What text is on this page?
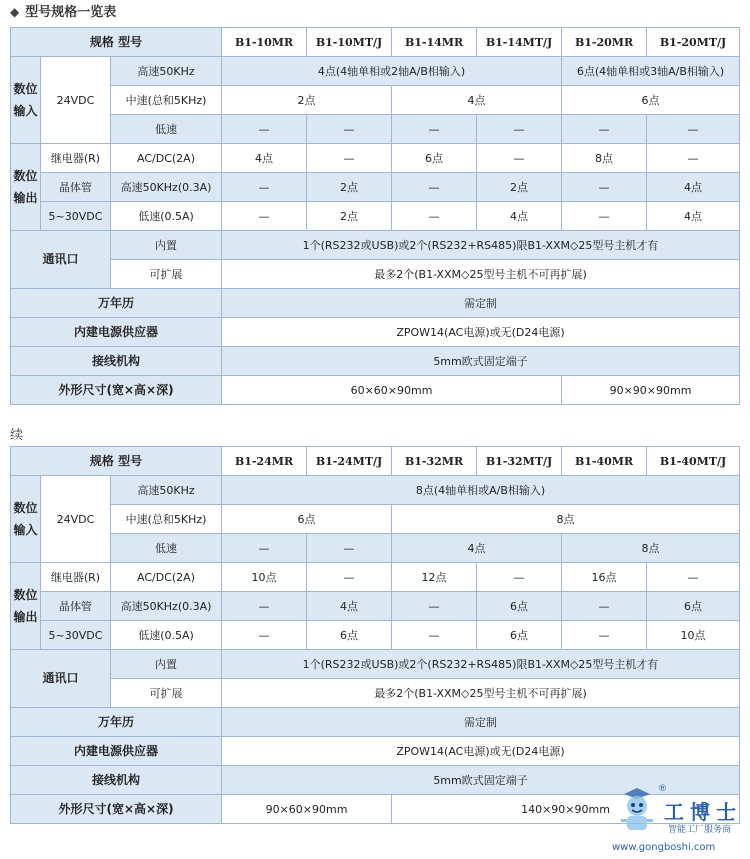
◆ 型号规格一览表
规格 型号			B1-10MR	B1-10MT/J	B1-14MR	B1-14MT/J	B1-20MR	B1-20MT/J
数位
输入	24VDC	高速50KHz	4点(4轴单相或2轴A/B相输入)				6点(4轴单相或3轴A/B相输入)	
		中速(总和5KHz)	2点		4点		6点	
		低速	—	—	—	—	—	—
数位
输出	继电器(R)	AC/DC(2A)	4点	—	6点	—	8点	—
	晶体管	高速50KHz(0.3A)	—	2点	—	2点	—	4点
	5~30VDC	低速(0.5A)	—	2点	—	4点	—	4点
通讯口		内置	1个(RS232或USB)或2个(RS232+RS485)限B1-XXM◇25型号主机才有					
		可扩展	最多2个(B1-XXM◇25型号主机不可再扩展)					
万年历			需定制					
内建电源供应器			ZPOW14(AC电源)或无(D24电源)					
接线机构			5mm欧式固定端子					
外形尺寸(宽×高×深)			60×60×90mm				90×90×90mm	
续
规格 型号			B1-24MR	B1-24MT/J	B1-32MR	B1-32MT/J	B1-40MR	B1-40MT/J
数位
输入	24VDC	高速50KHz	8点(4轴单相或A/B相输入)					
		中速(总和5KHz)	6点		8点			
		低速	—	—	4点		8点	
数位
输出	继电器(R)	AC/DC(2A)	10点	—	12点	—	16点	—
	晶体管	高速50KHz(0.3A)	—	4点	—	6点	—	6点
	5~30VDC	低速(0.5A)	—	6点	—	6点	—	10点
通讯口		内置	1个(RS232或USB)或2个(RS232+RS485)限B1-XXM◇25型号主机才有					
		可扩展	最多2个(B1-XXM◇25型号主机不可再扩展)					
万年历			需定制					
内建电源供应器			ZPOW14(AC电源)或无(D24电源)					
接线机构			5mm欧式固定端子					
外形尺寸(宽×高×深)			90×60×90mm		140×90×90mm			
®
工博士
智能工厂服务商
www.gongboshi.com
